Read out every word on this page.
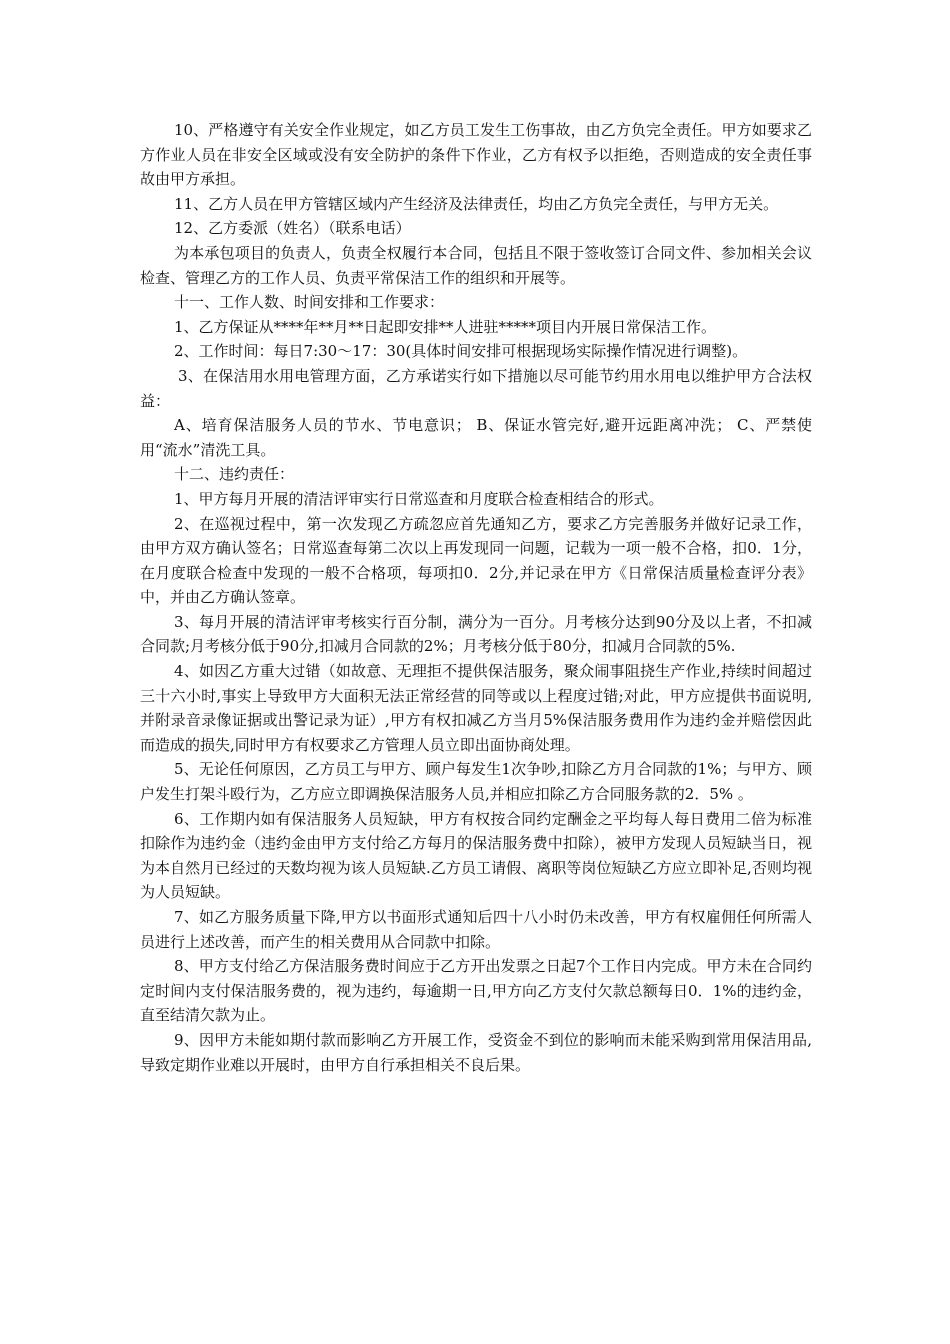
10、严格遵守有关安全作业规定，如乙方员工发生工伤事故，由乙方负完全责任。甲方如要求乙方作业人员在非安全区域或没有安全防护的条件下作业，乙方有权予以拒绝，否则造成的安全责任事故由甲方承担。

11、乙方人员在甲方管辖区域内产生经济及法律责任，均由乙方负完全责任，与甲方无关。

12、乙方委派（姓名）（联系电话）

为本承包项目的负责人，负责全权履行本合同，包括且不限于签收签订合同文件、参加相关会议检查、管理乙方的工作人员、负责平常保洁工作的组织和开展等。

十一、工作人数、时间安排和工作要求：

1、乙方保证从****年**月**日起即安排**人进驻*****项目内开展日常保洁工作。

2、工作时间：每日7:30～17：30(具体时间安排可根据现场实际操作情况进行调整)。

3、在保洁用水用电管理方面，乙方承诺实行如下措施以尽可能节约用水用电以维护甲方合法权益：

A、培育保洁服务人员的节水、节电意识； B、保证水管完好,避开远距离冲洗； C、严禁使用“流水”清洗工具。

十二、违约责任：

1、甲方每月开展的清洁评审实行日常巡查和月度联合检查相结合的形式。

2、在巡视过程中，第一次发现乙方疏忽应首先通知乙方，要求乙方完善服务并做好记录工作，由甲方双方确认签名；日常巡查每第二次以上再发现同一问题，记载为一项一般不合格，扣0．1分，在月度联合检查中发现的一般不合格项，每项扣0．2分,并记录在甲方《日常保洁质量检查评分表》中，并由乙方确认签章。

3、每月开展的清洁评审考核实行百分制，满分为一百分。月考核分达到90分及以上者，不扣减合同款;月考核分低于90分,扣减月合同款的2%；月考核分低于80分，扣减月合同款的5%.

4、如因乙方重大过错（如故意、无理拒不提供保洁服务，聚众闹事阻挠生产作业,持续时间超过三十六小时,事实上导致甲方大面积无法正常经营的同等或以上程度过错;对此，甲方应提供书面说明,并附录音录像证据或出警记录为证）,甲方有权扣减乙方当月5%保洁服务费用作为违约金并赔偿因此而造成的损失,同时甲方有权要求乙方管理人员立即出面协商处理。

5、无论任何原因，乙方员工与甲方、顾户每发生1次争吵,扣除乙方月合同款的1%；与甲方、顾户发生打架斗殴行为，乙方应立即调换保洁服务人员,并相应扣除乙方合同服务款的2．5% 。

6、工作期内如有保洁服务人员短缺，甲方有权按合同约定酬金之平均每人每日费用二倍为标准扣除作为违约金（违约金由甲方支付给乙方每月的保洁服务费中扣除），被甲方发现人员短缺当日，视为本自然月已经过的天数均视为该人员短缺.乙方员工请假、离职等岗位短缺乙方应立即补足,否则均视为人员短缺。

7、如乙方服务质量下降,甲方以书面形式通知后四十八小时仍未改善，甲方有权雇佣任何所需人员进行上述改善，而产生的相关费用从合同款中扣除。

8、甲方支付给乙方保洁服务费时间应于乙方开出发票之日起7个工作日内完成。甲方未在合同约定时间内支付保洁服务费的，视为违约，每逾期一日,甲方向乙方支付欠款总额每日0．1%的违约金，直至结清欠款为止。

9、因甲方未能如期付款而影响乙方开展工作，受资金不到位的影响而未能采购到常用保洁用品,导致定期作业难以开展时，由甲方自行承担相关不良后果。
